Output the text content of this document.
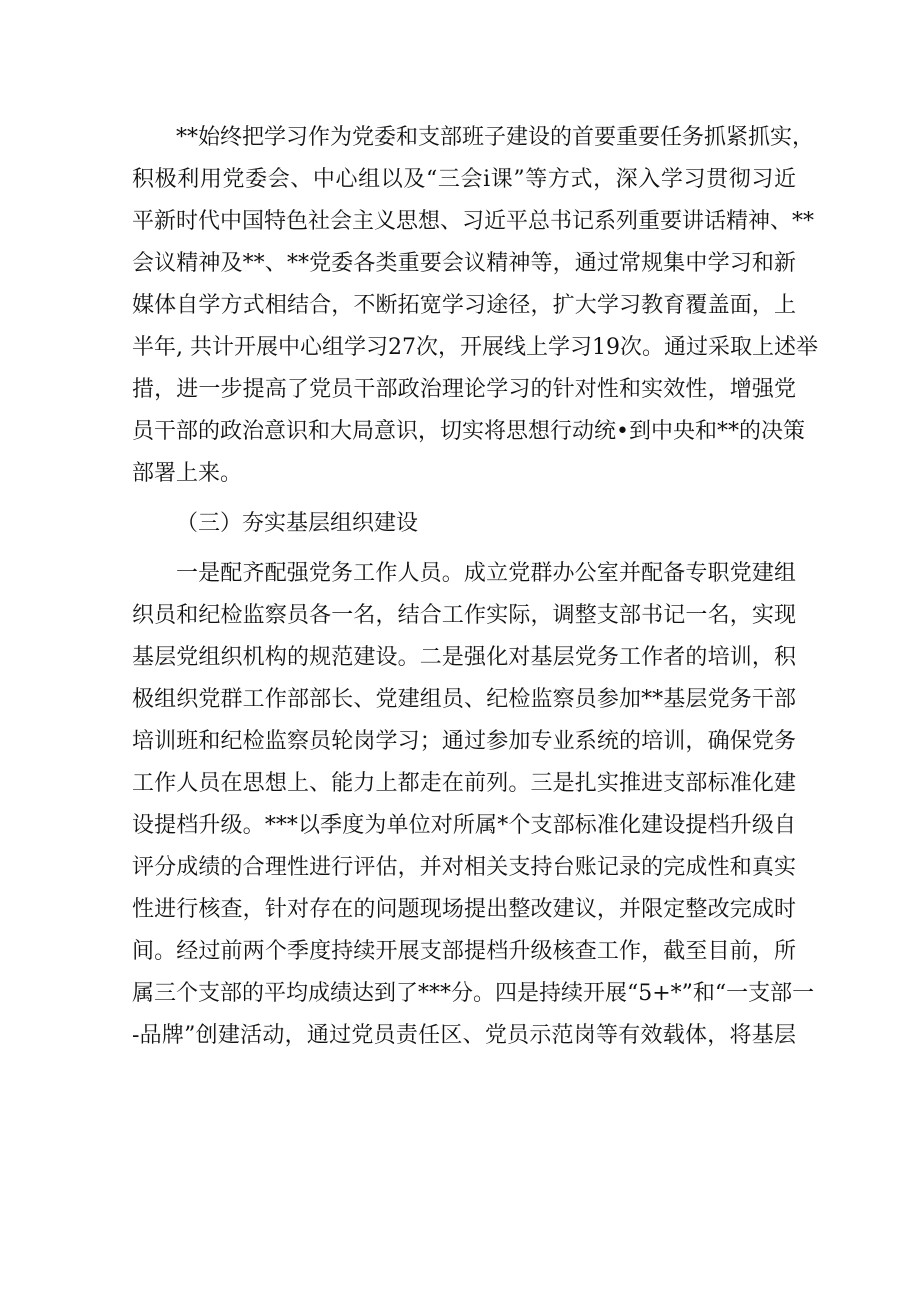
**始终把学习作为党委和支部班子建设的首要重要任务抓紧抓实，
积极利用党委会、中心组以及“三会i课”等方式，深入学习贯彻习近
平新时代中国特色社会主义思想、习近平总书记系列重要讲话精神、**
会议精神及**、**党委各类重要会议精神等，通过常规集中学习和新
媒体自学方式相结合，不断拓宽学习途径，扩大学习教育覆盖面，上
半年, 共计开展中心组学习27次，开展线上学习19次。通过采取上述举
措，进一步提高了党员干部政治理论学习的针对性和实效性，增强党
员干部的政治意识和大局意识，切实将思想行动统•到中央和**的决策
部署上来。
（三）夯实基层组织建设
一是配齐配强党务工作人员。成立党群办公室并配备专职党建组
织员和纪检监察员各一名，结合工作实际，调整支部书记一名，实现
基层党组织机构的规范建设。二是强化对基层党务工作者的培训，积
极组织党群工作部部长、党建组员、纪检监察员参加**基层党务干部
培训班和纪检监察员轮岗学习；通过参加专业系统的培训，确保党务
工作人员在思想上、能力上都走在前列。三是扎实推进支部标准化建
设提档升级。***以季度为单位对所属*个支部标准化建设提档升级自
评分成绩的合理性进行评估，并对相关支持台账记录的完成性和真实
性进行核查，针对存在的问题现场提出整改建议，并限定整改完成时
间。经过前两个季度持续开展支部提档升级核查工作，截至目前，所
属三个支部的平均成绩达到了***分。四是持续开展“5+*”和“一支部一
-品牌”创建活动，通过党员责任区、党员示范岗等有效载体，将基层
